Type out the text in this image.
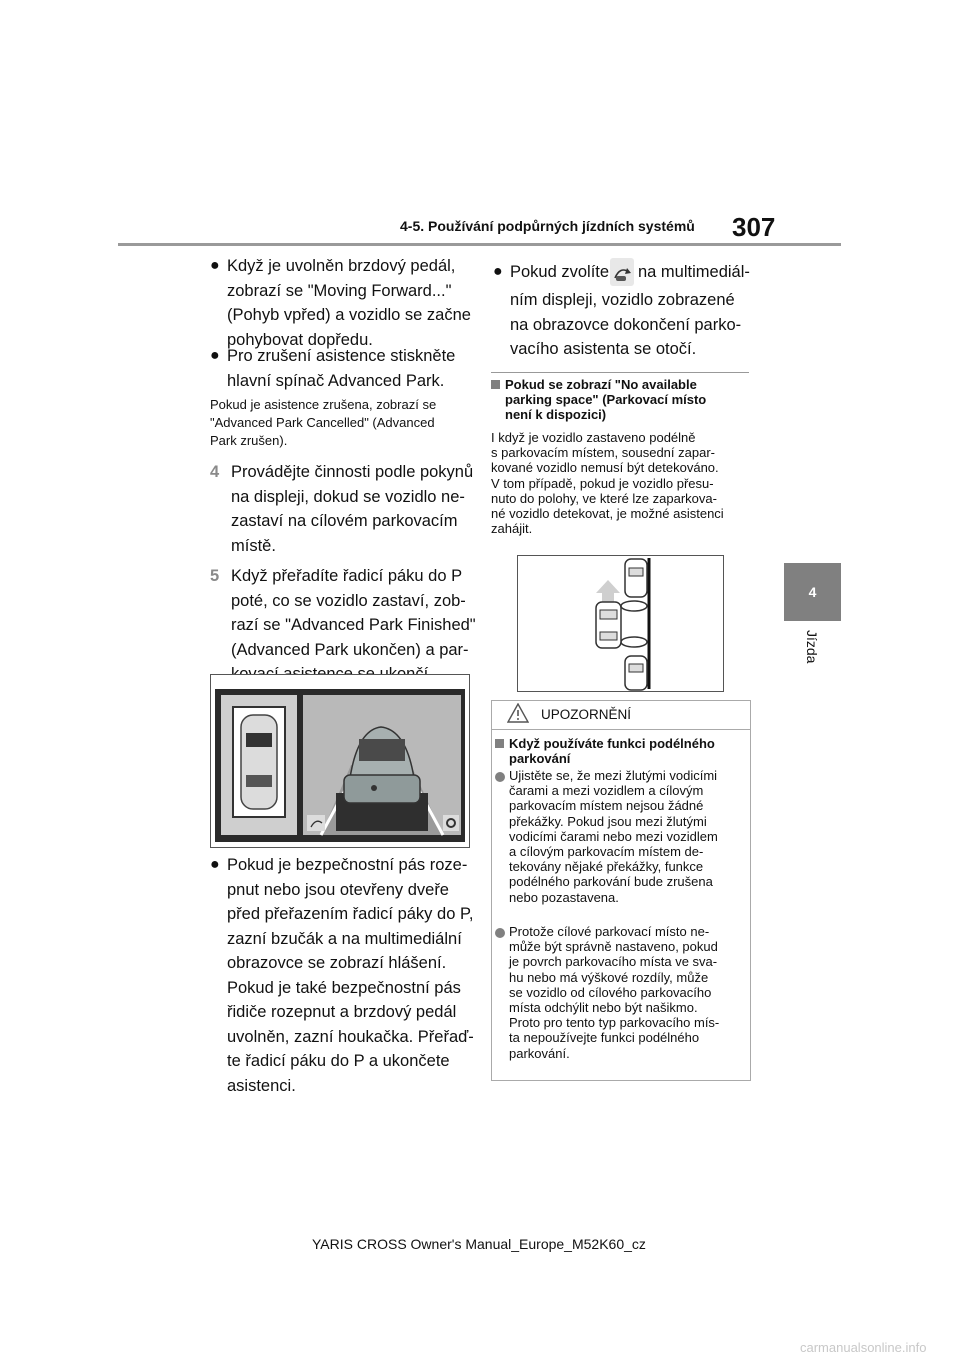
4-5. Používání podpůrných jízdních systémů 307
4
Jízda
● Když je uvolněn brzdový pedál,
zobrazí se "Moving Forward..."
(Pohyb vpřed) a vozidlo se začne
pohybovat dopředu.
● Pro zrušení asistence stiskněte
hlavní spínač Advanced Park.
Pokud je asistence zrušena, zobrazí se
"Advanced Park Cancelled" (Advanced
Park zrušen).
4 Provádějte činnosti podle pokynů
na displeji, dokud se vozidlo ne-
zastaví na cílovém parkovacím
místě.
5 Když přeřadíte řadicí páku do P
poté, co se vozidlo zastaví, zob-
razí se "Advanced Park Finished"
(Advanced Park ukončen) a par-

● Pokud je bezpečnostní pás roze-
pnut nebo jsou otevřeny dveře
před přeřazením řadicí páky do P,
zazní bzučák a na multimediální
obrazovce se zobrazí hlášení.
Pokud je také bezpečnostní pás
řidiče rozepnut a brzdový pedál
uvolněn, zazní houkačka. Přeřaď-
te řadicí páku do P a ukončete
asistenci.
● Pokud zvolíte na multimediál-
ním displeji, vozidlo zobrazené
na obrazovce dokončení parko-
vacího asistenta se otočí.

Pokud se zobrazí "No available
parking space" (Parkovací místo
není k dispozici)

I když je vozidlo zastaveno podélně
s parkovacím místem, sousední zapar-
kované vozidlo nemusí být detekováno.
V tom případě, pokud je vozidlo přesu-
nuto do polohy, ve které lze zaparkova-
né vozidlo detekovat, je možné asistenci
zahájit.
UPOZORNĚNÍ

Když používáte funkci podélného
parkování

Ujistěte se, že mezi žlutými vodicími
čarami a mezi vozidlem a cílovým
parkovacím místem nejsou žádné
překážky. Pokud jsou mezi žlutými
vodicími čarami nebo mezi vozidlem
a cílovým parkovacím místem de-
tekovány nějaké překážky, funkce
podélného parkování bude zrušena
nebo pozastavena.
Protože cílové parkovací místo ne-
může být správně nastaveno, pokud
je povrch parkovacího místa ve sva-
hu nebo má výškové rozdíly, může
se vozidlo od cílového parkovacího
místa odchýlit nebo být našikmo.
Proto pro tento typ parkovacího mís-
ta nepoužívejte funkci podélného
parkování.
YARIS CROSS Owner's Manual_Europe_M52K60_cz
carmanualsonline.info
